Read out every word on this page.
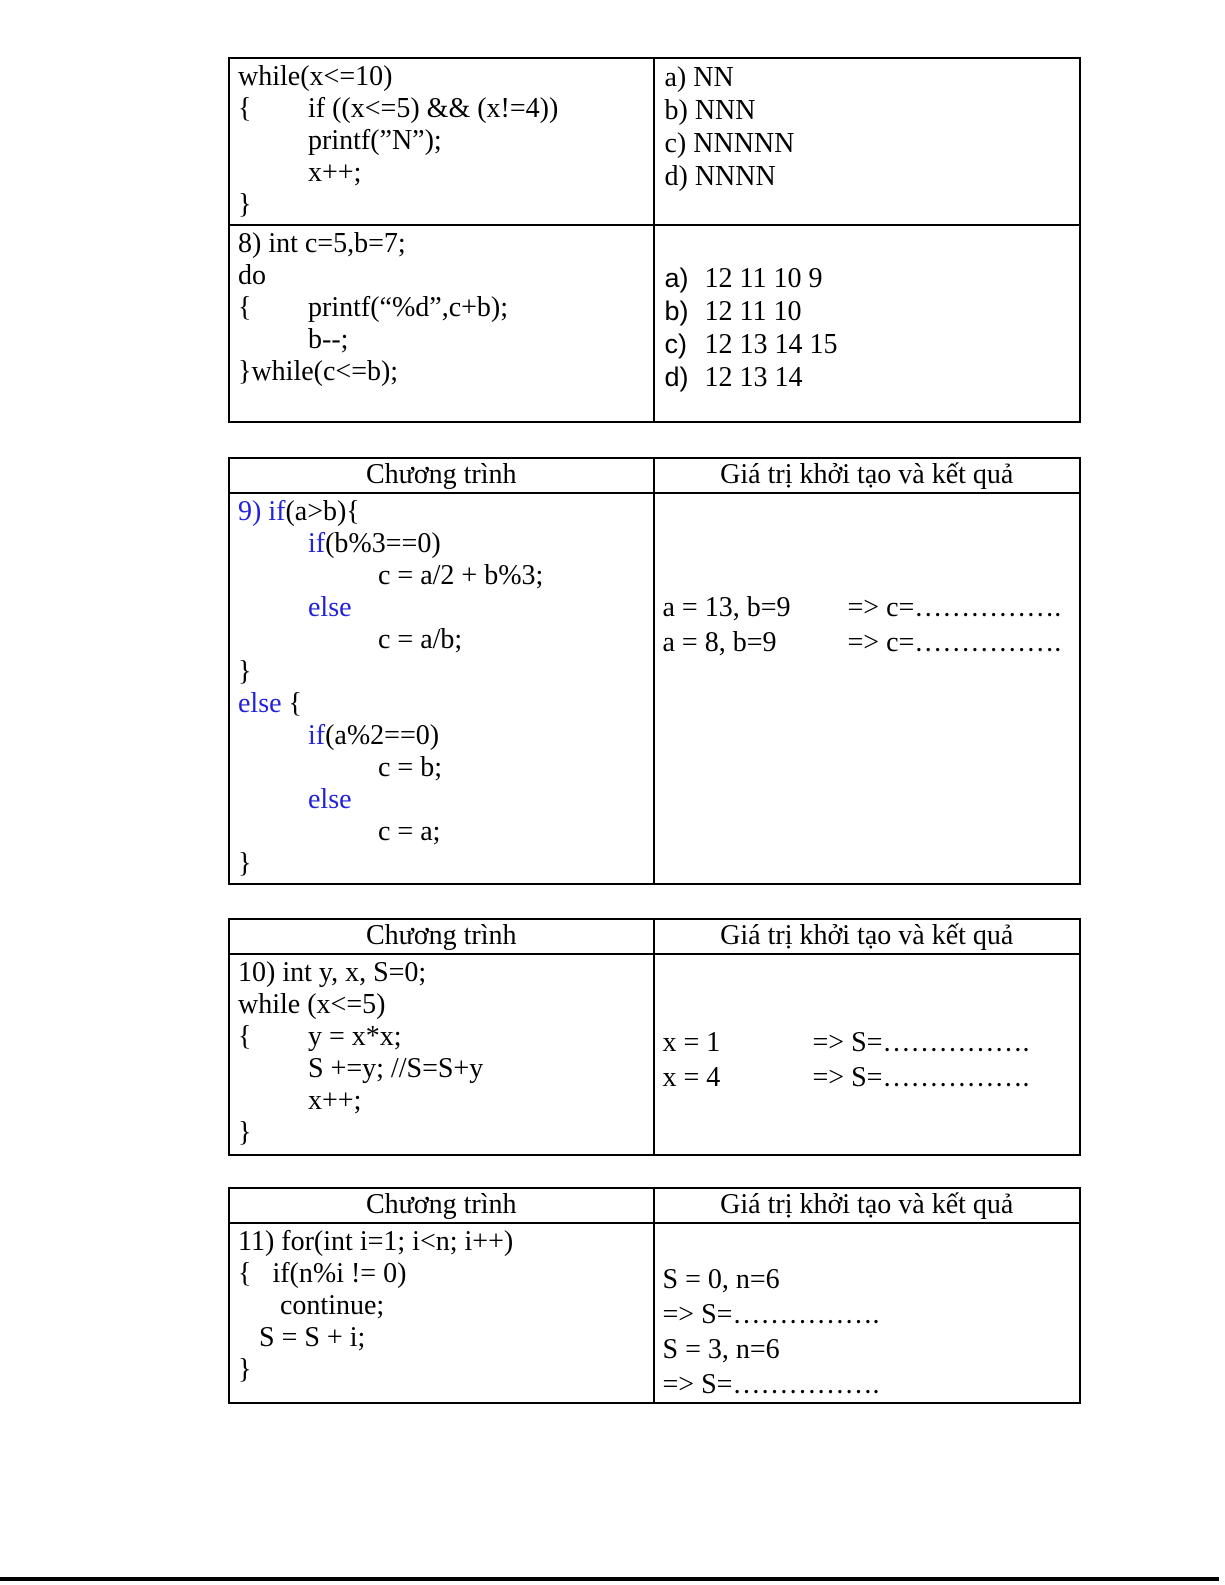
while(x<=10)
{	if ((x<=5) && (x!=4))
	printf(”N”);
	x++;
}
a) NN
b) NNN
c) NNNNN
d) NNNN
8) int c=5,b=7;
do
{	printf(“%d”,c+b);
	b--;
}while(c<=b);
a) 12 11 10 9
b) 12 11 10
c) 12 13 14 15
d) 12 13 14
Chương trình	Giá trị khởi tạo và kết quả
9) if(a>b){
	if(b%3==0)
		c = a/2 + b%3;
	else
		c = a/b;
}
else {
	if(a%2==0)
		c = b;
	else
		c = a;
}
a = 13, b=9 => c=…………….
a = 8, b=9	=> c=…………….
Chương trình	Giá trị khởi tạo và kết quả
10) int y, x, S=0;
while (x<=5)
{	y = x*x;
	S +=y; //S=S+y
	x++;
}
x = 1	=> S=…………….
x = 4	=> S=…………….
Chương trình	Giá trị khởi tạo và kết quả
11) for(int i=1; i<n; i++)
{   if(n%i != 0)
continue;
S = S + i;
}
S = 0, n=6=> S=…………….
S = 3, n=6=> S=…………….
